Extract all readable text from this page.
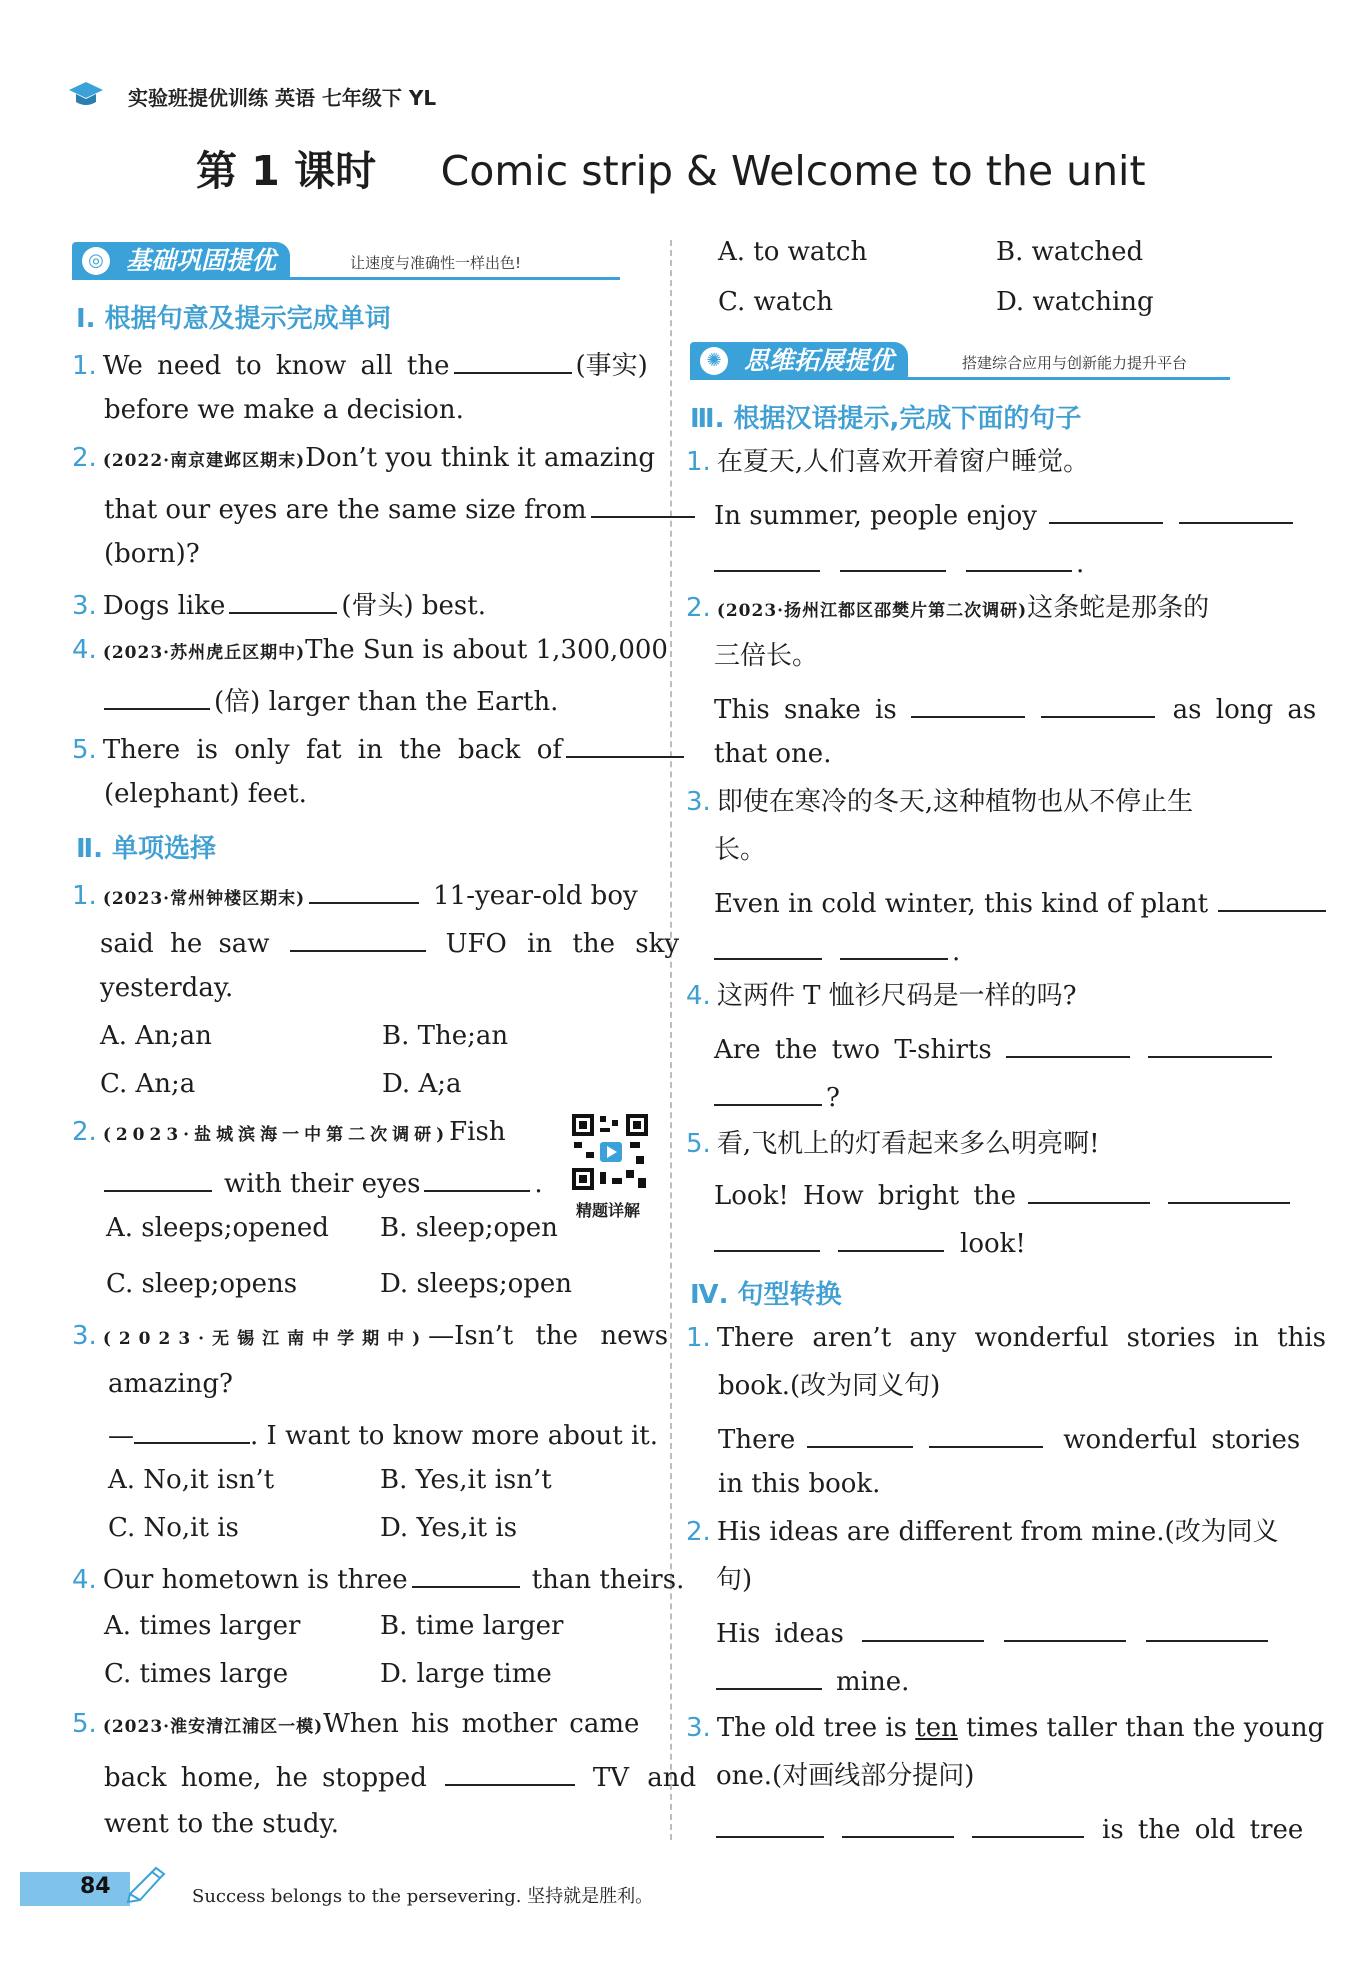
实验班提优训练 英语 七年级下 YL
第 1 课时 Comic strip & Welcome to the unit
◎ 基础巩固提优	让速度与准确性一样出色!
Ⅰ. 根据句意及提示完成单词
1. We need to know all the	(事实)
before we make a decision.
2. (2022·南京建邺区期末)Don’t you think it amazing
that our eyes are the same size from
(born)?
3. Dogs like	(骨头) best.
4. (2023·苏州虎丘区期中)The Sun is about 1,300,000
(倍) larger than the Earth.
5. There is only fat in the back of
(elephant) feet.
Ⅱ. 单项选择
1. (2023·常州钟楼区期末)	11-year-old boy
said he saw	UFO in the sky
yesterday.
A. An;an	B. The;an
C. An;a	D. A;a
2. (2023·盐城滨海一中第二次调研)Fish
with their eyes	.
精题详解
A. sleeps;opened B. sleep;open
C. sleep;opens	D. sleeps;open
3. (2023·无锡江南中学期中)—Isn’t the news
amazing?
—	. I want to know more about it.
A. No,it isn’t	B. Yes,it isn’t
C. No,it is	D. Yes,it is
4. Our hometown is three	than theirs.
A. times larger	B. time larger
C. times large	D. large time
5. (2023·淮安清江浦区一模)When his mother came
back home, he stopped	TV and
went to the study.
A. to watch	B. watched
C. watch	D. watching
✺ 思维拓展提优	搭建综合应用与创新能力提升平台
Ⅲ. 根据汉语提示,完成下面的句子
1. 在夏天,人们喜欢开着窗户睡觉。
In summer, people enjoy
.
2. (2023·扬州江都区邵樊片第二次调研)这条蛇是那条的
三倍长。
This snake is	as long as
that one.
3. 即使在寒冷的冬天,这种植物也从不停止生
长。
Even in cold winter, this kind of plant
.
4. 这两件 T 恤衫尺码是一样的吗?
Are the two T-shirts
?
5. 看,飞机上的灯看起来多么明亮啊!
Look! How bright the
look!
Ⅳ. 句型转换
1. There aren’t any wonderful stories in this
book.(改为同义句)
There	wonderful stories
in this book.
2. His ideas are different from mine.(改为同义
句)
His ideas
mine.
3. The old tree is ten times taller than the young
one.(对画线部分提问)
is the old tree
84	Success belongs to the persevering. 坚持就是胜利。
